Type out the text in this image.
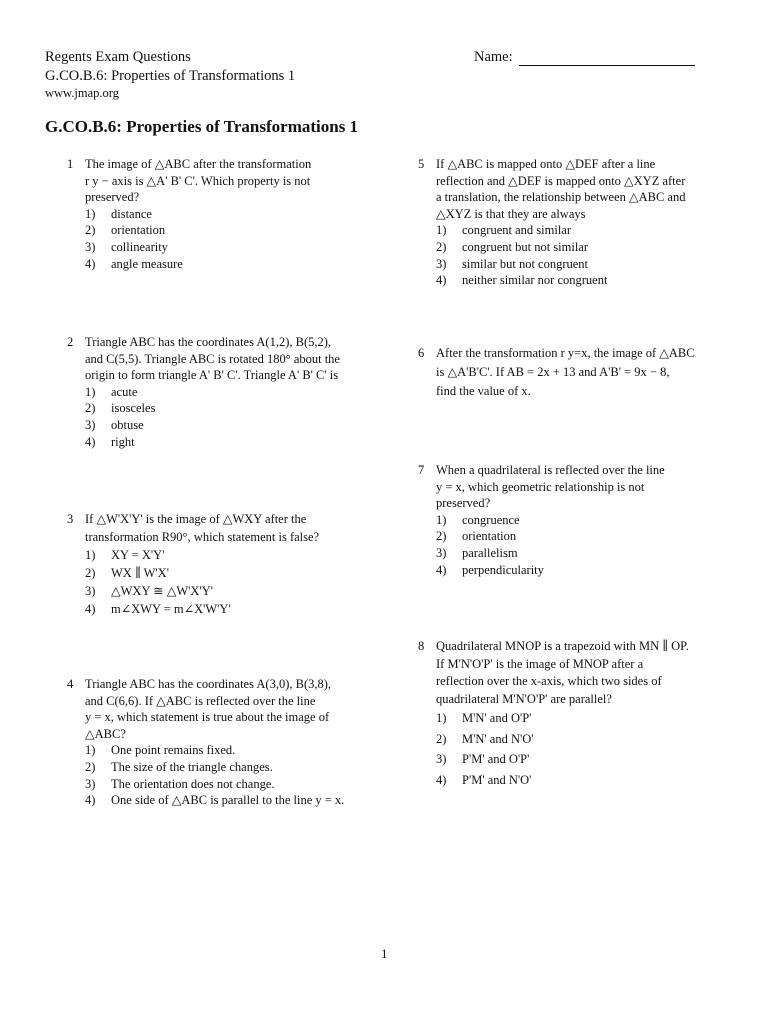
Regents Exam Questions
G.CO.B.6: Properties of Transformations 1
www.jmap.org
Name:
G.CO.B.6: Properties of Transformations 1
1 The image of △ABC after the transformation
r y − axis is △A' B' C'. Which property is not
preserved?
1) distance
2) orientation
3) collinearity
4) angle measure
2 Triangle ABC has the coordinates A(1,2), B(5,2),
and C(5,5). Triangle ABC is rotated 180° about the
origin to form triangle A' B' C'. Triangle A' B' C' is
1) acute
2) isosceles
3) obtuse
4) right
3 If △W'X'Y' is the image of △WXY after the
transformation R90°, which statement is false?
1) XY = X'Y'
2) WX ∥ W'X'
3) △WXY ≅ △W'X'Y'
4) m∠XWY = m∠X'W'Y'
4 Triangle ABC has the coordinates A(3,0), B(3,8),
and C(6,6). If △ABC is reflected over the line
y = x, which statement is true about the image of
△ABC?
1) One point remains fixed.
2) The size of the triangle changes.
3) The orientation does not change.
4) One side of △ABC is parallel to the line y = x.
5 If △ABC is mapped onto △DEF after a line
reflection and △DEF is mapped onto △XYZ after
a translation, the relationship between △ABC and
△XYZ is that they are always
1) congruent and similar
2) congruent but not similar
3) similar but not congruent
4) neither similar nor congruent
6 After the transformation r y=x, the image of △ABC
is △A'B'C'. If AB = 2x + 13 and A'B' = 9x − 8,
find the value of x.
7 When a quadrilateral is reflected over the line
y = x, which geometric relationship is not
preserved?
1) congruence
2) orientation
3) parallelism
4) perpendicularity
8 Quadrilateral MNOP is a trapezoid with MN ∥ OP.
If M'N'O'P' is the image of MNOP after a
reflection over the x-axis, which two sides of
quadrilateral M'N'O'P' are parallel?
1) M'N' and O'P'
2) M'N' and N'O'
3) P'M' and O'P'
4) P'M' and N'O'
1
